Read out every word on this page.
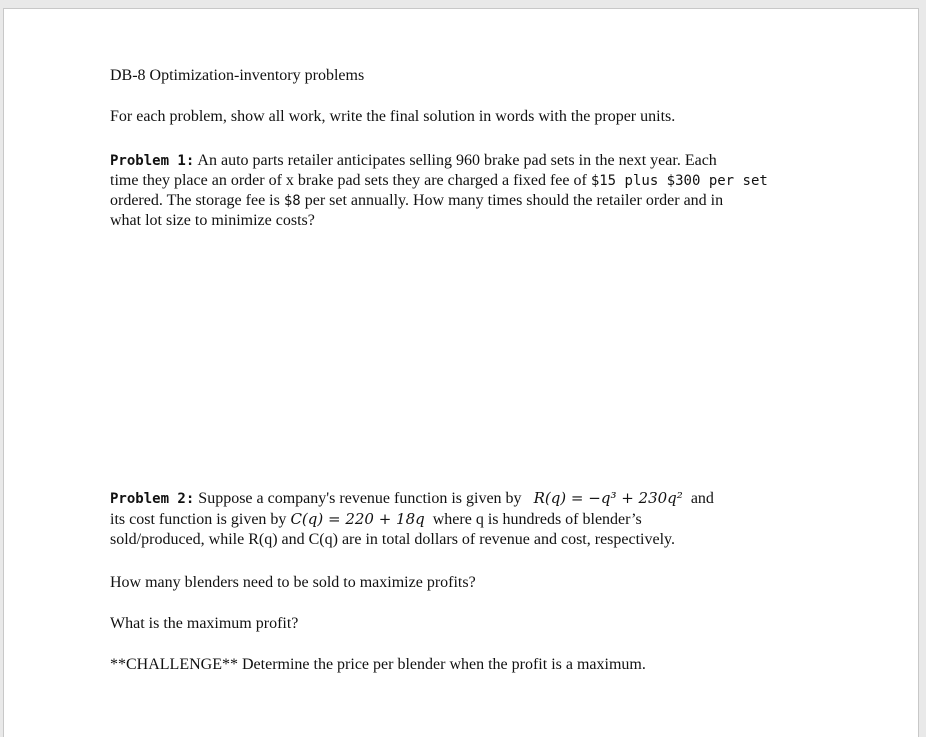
DB-8 Optimization-inventory problems
For each problem, show all work, write the final solution in words with the proper units.
Problem 1: An auto parts retailer anticipates selling 960 brake pad sets in the next year. Each
time they place an order of x brake pad sets they are charged a fixed fee of $15 plus $300 per set
ordered. The storage fee is $8 per set annually. How many times should the retailer order and in
what lot size to minimize costs?
Problem 2: Suppose a company's revenue function is given by R(q) = −q³ + 230q² and
its cost function is given by C(q) = 220 + 18q where q is hundreds of blender’s
sold/produced, while R(q) and C(q) are in total dollars of revenue and cost, respectively.
How many blenders need to be sold to maximize profits?
What is the maximum profit?
**CHALLENGE** Determine the price per blender when the profit is a maximum.
